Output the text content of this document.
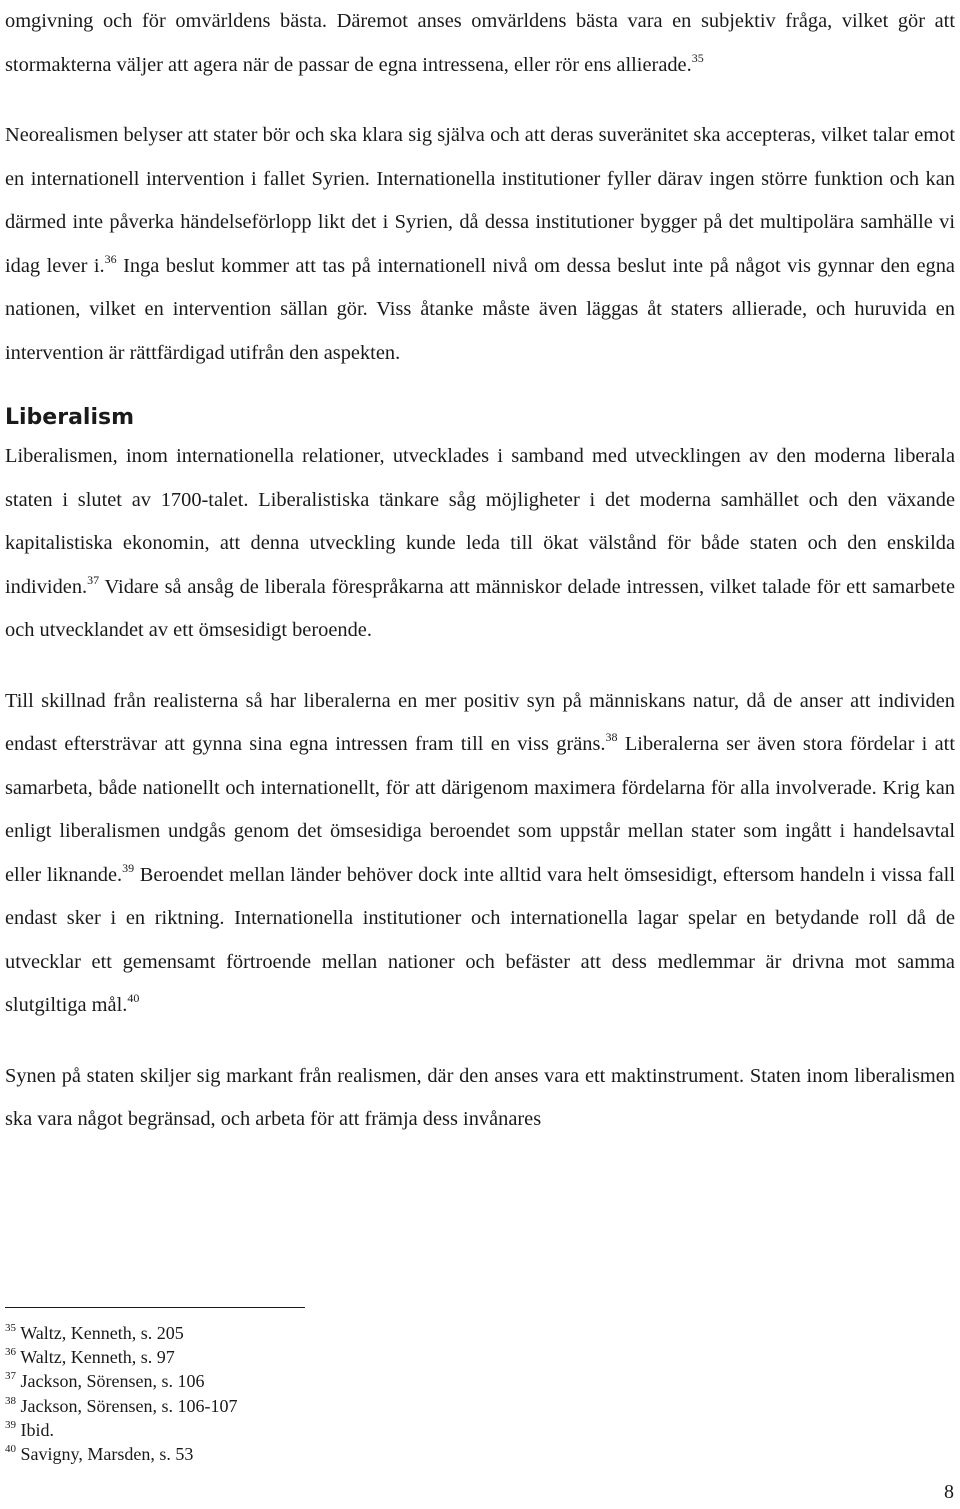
omgivning och för omvärldens bästa. Däremot anses omvärldens bästa vara en subjektiv fråga, vilket gör att stormakterna väljer att agera när de passar de egna intressena, eller rör ens allierade.$^{35}$

Neorealismen belyser att stater bör och ska klara sig själva och att deras suveränitet ska accepteras, vilket talar emot en internationell intervention i fallet Syrien. Internationella institutioner fyller därav ingen större funktion och kan därmed inte påverka händelseförlopp likt det i Syrien, då dessa institutioner bygger på det multipolära samhälle vi idag lever i.$^{36}$ Inga beslut kommer att tas på internationell nivå om dessa beslut inte på något vis gynnar den egna nationen, vilket en intervention sällan gör. Viss åtanke måste även läggas åt staters allierade, och huruvida en intervention är rättfärdigad utifrån den aspekten.

Liberalism

Liberalismen, inom internationella relationer, utvecklades i samband med utvecklingen av den moderna liberala staten i slutet av 1700-talet. Liberalistiska tänkare såg möjligheter i det moderna samhället och den växande kapitalistiska ekonomin, att denna utveckling kunde leda till ökat välstånd för både staten och den enskilda individen.$^{37}$ Vidare så ansåg de liberala förespråkarna att människor delade intressen, vilket talade för ett samarbete och utvecklandet av ett ömsesidigt beroende.

Till skillnad från realisterna så har liberalerna en mer positiv syn på människans natur, då de anser att individen endast eftersträvar att gynna sina egna intressen fram till en viss gräns.$^{38}$ Liberalerna ser även stora fördelar i att samarbeta, både nationellt och internationellt, för att därigenom maximera fördelarna för alla involverade. Krig kan enligt liberalismen undgås genom det ömsesidiga beroendet som uppstår mellan stater som ingått i handelsavtal eller liknande.$^{39}$ Beroendet mellan länder behöver dock inte alltid vara helt ömsesidigt, eftersom handeln i vissa fall endast sker i en riktning. Internationella institutioner och internationella lagar spelar en betydande roll då de utvecklar ett gemensamt förtroende mellan nationer och befäster att dess medlemmar är drivna mot samma slutgiltiga mål.$^{40}$

Synen på staten skiljer sig markant från realismen, där den anses vara ett maktinstrument. Staten inom liberalismen ska vara något begränsad, och arbeta för att främja dess invånares

$^{35}$ Waltz, Kenneth, s. 205

$^{36}$ Waltz, Kenneth, s. 97

$^{37}$ Jackson, Sörensen, s. 106

$^{38}$ Jackson, Sörensen, s. 106-107

$^{39}$ Ibid.

$^{40}$ Savigny, Marsden, s. 53

8
